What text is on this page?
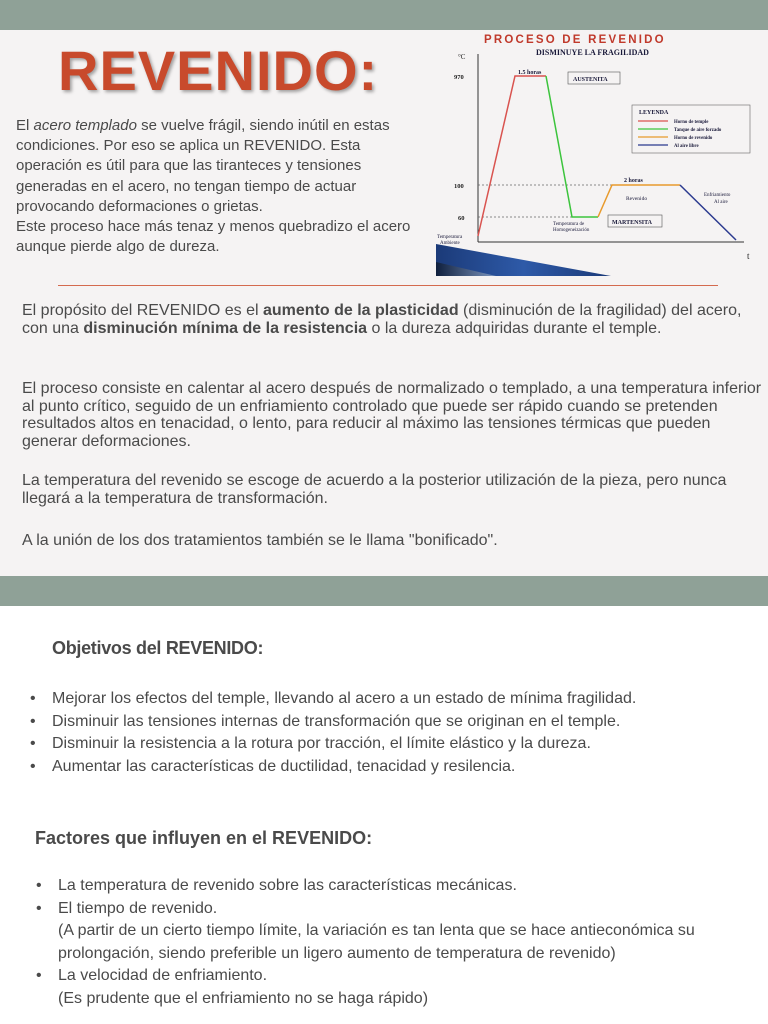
REVENIDO:

El acero templado se vuelve frágil, siendo inútil en estas condiciones. Por eso se aplica un REVENIDO. Esta operación es útil para que las tiranteces y tensiones generadas en el acero, no tengan tiempo de actuar provocando deformaciones o grietas.

Este proceso hace más tenaz y menos quebradizo el acero aunque pierde algo de dureza.

PROCESO DE REVENIDO
DISMINUYE LA FRAGILIDAD
°C
t
970
100
60
1.5 horas
AUSTENITA
2 horas
Revenido
Enfriamiento
Al aire
MARTENSITA
Temperatura de
Homogeneización
Temperatura
Ambiente
LEYENDA
Horno de temple
Tanque de aire forzado
Horno de revenido
Al aire libre

El propósito del REVENIDO es el aumento de la plasticidad (disminución de la fragilidad) del acero, con una disminución mínima de la resistencia o la dureza adquiridas durante el temple.

El proceso consiste en calentar al acero después de normalizado o templado, a una temperatura inferior al punto crítico, seguido de un enfriamiento controlado que puede ser rápido cuando se pretenden resultados altos en tenacidad, o lento, para reducir al máximo las tensiones térmicas que pueden generar deformaciones.

La temperatura del revenido se escoge de acuerdo a la posterior utilización de la pieza, pero nunca llegará a la temperatura de transformación.

A la unión de los dos tratamientos también se le llama "bonificado".

Objetivos del REVENIDO:
• Mejorar los efectos del temple, llevando al acero a un estado de mínima fragilidad.
• Disminuir las tensiones internas de transformación que se originan en el temple.
• Disminuir la resistencia a la rotura por tracción, el límite elástico y la dureza.
• Aumentar las características de ductilidad, tenacidad y resilencia.
Factores que influyen en el REVENIDO:
• La temperatura de revenido sobre las características mecánicas.
• El tiempo de revenido.
(A partir de un cierto tiempo límite, la variación es tan lenta que se hace antieconómica su prolongación, siendo preferible un ligero aumento de temperatura de revenido)
• La velocidad de enfriamiento.
(Es prudente que el enfriamiento no se haga rápido)
